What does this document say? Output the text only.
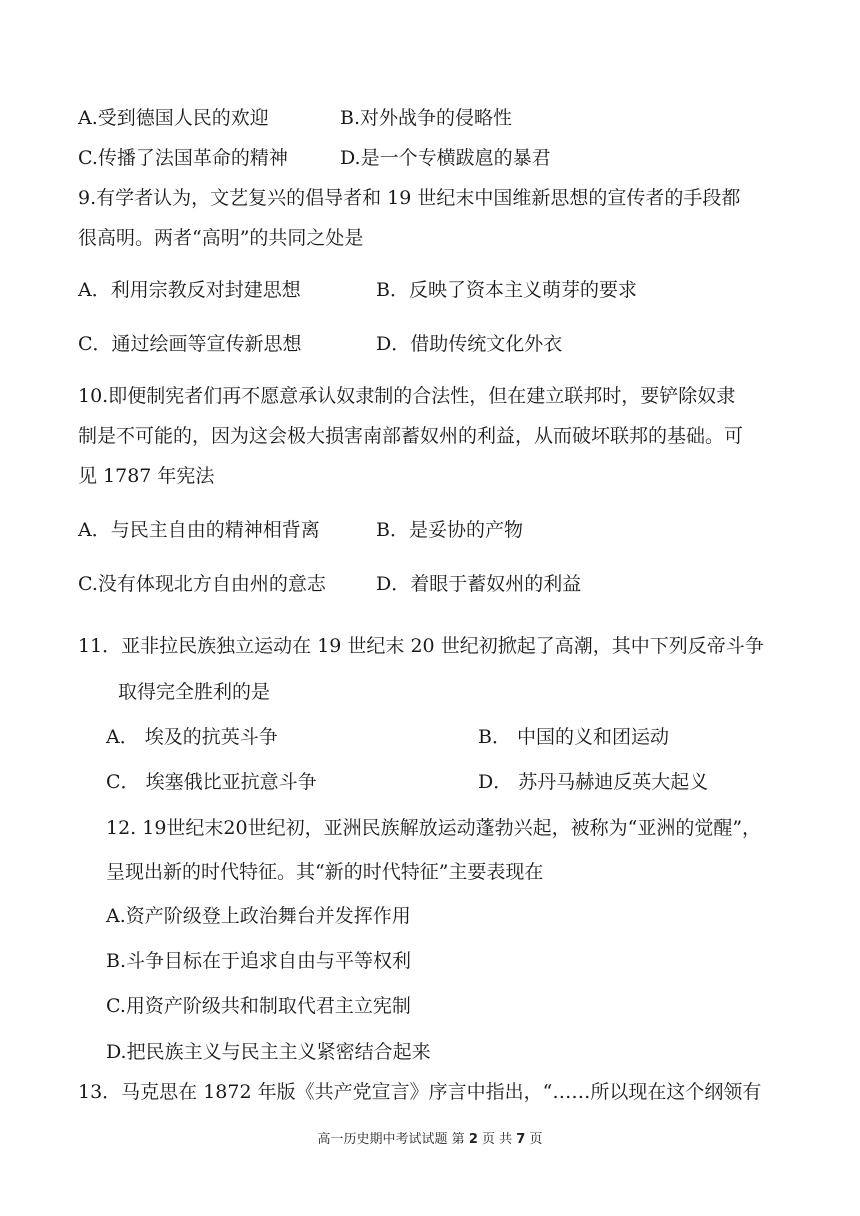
A.受到德国人民的欢迎	B.对外战争的侵略性
C.传播了法国革命的精神	D.是一个专横跋扈的暴君
9.有学者认为，文艺复兴的倡导者和 19 世纪末中国维新思想的宣传者的手段都
很高明。两者“高明”的共同之处是
A．利用宗教反对封建思想	B．反映了资本主义萌芽的要求
C．通过绘画等宣传新思想	D．借助传统文化外衣
10.即便制宪者们再不愿意承认奴隶制的合法性，但在建立联邦时，要铲除奴隶
制是不可能的，因为这会极大损害南部蓄奴州的利益，从而破坏联邦的基础。可
见 1787 年宪法
A．与民主自由的精神相背离	B．是妥协的产物
C.没有体现北方自由州的意志	D．着眼于蓄奴州的利益
11．亚非拉民族独立运动在 19 世纪末 20 世纪初掀起了高潮，其中下列反帝斗争
取得完全胜利的是
A． 埃及的抗英斗争	B． 中国的义和团运动
C． 埃塞俄比亚抗意斗争	D． 苏丹马赫迪反英大起义
12. 19世纪末20世纪初，亚洲民族解放运动蓬勃兴起，被称为“亚洲的觉醒”，
呈现出新的时代特征。其“新的时代特征”主要表现在
A.资产阶级登上政治舞台并发挥作用
B.斗争目标在于追求自由与平等权利
C.用资产阶级共和制取代君主立宪制
D.把民族主义与民主主义紧密结合起来
13．马克思在 1872 年版《共产党宣言》序言中指出，“……所以现在这个纲领有
高一历史期中考试试题 第 2 页 共 7 页
